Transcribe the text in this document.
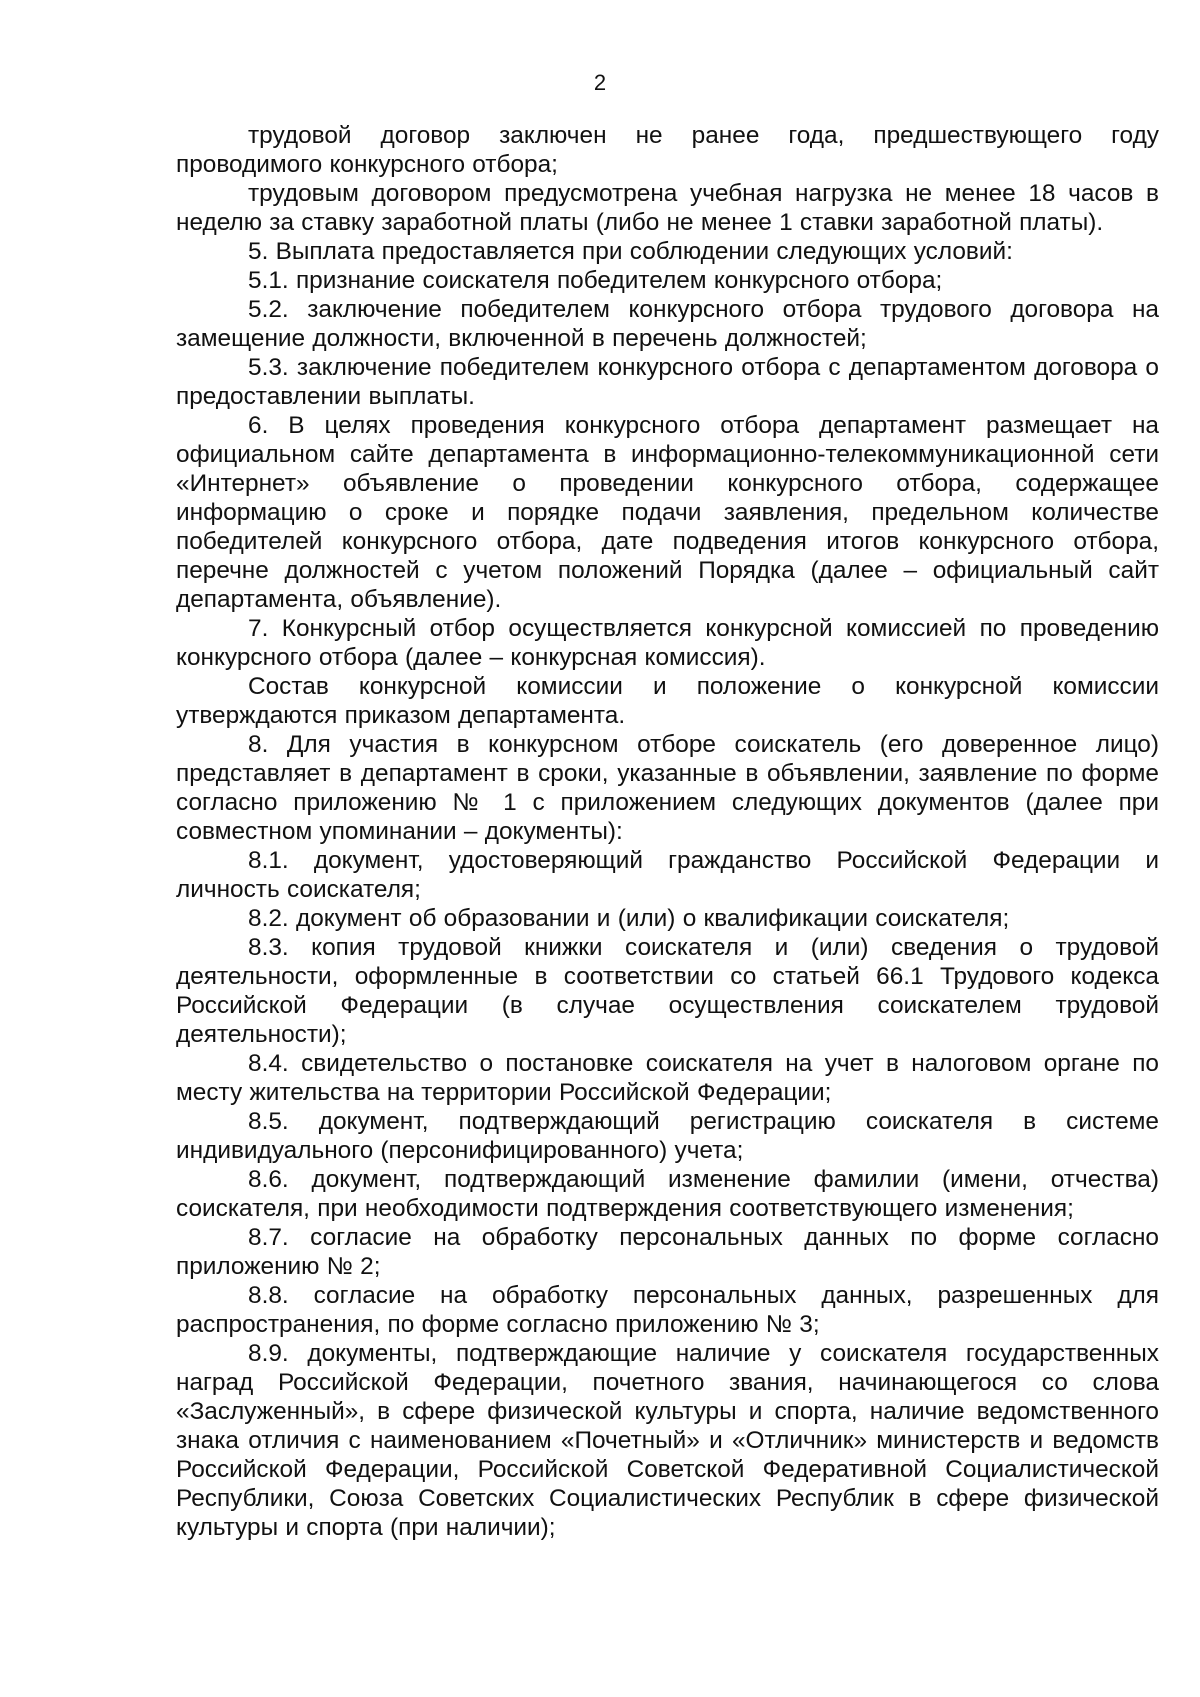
2

трудовой договор заключен не ранее года, предшествующего году проводимого конкурсного отбора;

трудовым договором предусмотрена учебная нагрузка не менее 18 часов в неделю за ставку заработной платы (либо не менее 1 ставки заработной платы).

5. Выплата предоставляется при соблюдении следующих условий:

5.1. признание соискателя победителем конкурсного отбора;

5.2. заключение победителем конкурсного отбора трудового договора на замещение должности, включенной в перечень должностей;

5.3. заключение победителем конкурсного отбора с департаментом договора о предоставлении выплаты.

6. В целях проведения конкурсного отбора департамент размещает на официальном сайте департамента в информационно-телекоммуникационной сети «Интернет» объявление о проведении конкурсного отбора, содержащее информацию о сроке и порядке подачи заявления, предельном количестве победителей конкурсного отбора, дате подведения итогов конкурсного отбора, перечне должностей с учетом положений Порядка (далее – официальный сайт департамента, объявление).

7. Конкурсный отбор осуществляется конкурсной комиссией по проведению конкурсного отбора (далее – конкурсная комиссия).

Состав конкурсной комиссии и положение о конкурсной комиссии утверждаются приказом департамента.

8. Для участия в конкурсном отборе соискатель (его доверенное лицо) представляет в департамент в сроки, указанные в объявлении, заявление по форме согласно приложению № 1 с приложением следующих документов (далее при совместном упоминании – документы):

8.1. документ, удостоверяющий гражданство Российской Федерации и личность соискателя;

8.2. документ об образовании и (или) о квалификации соискателя;

8.3. копия трудовой книжки соискателя и (или) сведения о трудовой деятельности, оформленные в соответствии со статьей 66.1 Трудового кодекса Российской Федерации (в случае осуществления соискателем трудовой деятельности);

8.4. свидетельство о постановке соискателя на учет в налоговом органе по месту жительства на территории Российской Федерации;

8.5. документ, подтверждающий регистрацию соискателя в системе индивидуального (персонифицированного) учета;

8.6. документ, подтверждающий изменение фамилии (имени, отчества) соискателя, при необходимости подтверждения соответствующего изменения;

8.7. согласие на обработку персональных данных по форме согласно приложению № 2;

8.8. согласие на обработку персональных данных, разрешенных для распространения, по форме согласно приложению № 3;

8.9. документы, подтверждающие наличие у соискателя государственных наград Российской Федерации, почетного звания, начинающегося со слова «Заслуженный», в сфере физической культуры и спорта, наличие ведомственного знака отличия с наименованием «Почетный» и «Отличник» министерств и ведомств Российской Федерации, Российской Советской Федеративной Социалистической Республики, Союза Советских Социалистических Республик в сфере физической культуры и спорта (при наличии);
